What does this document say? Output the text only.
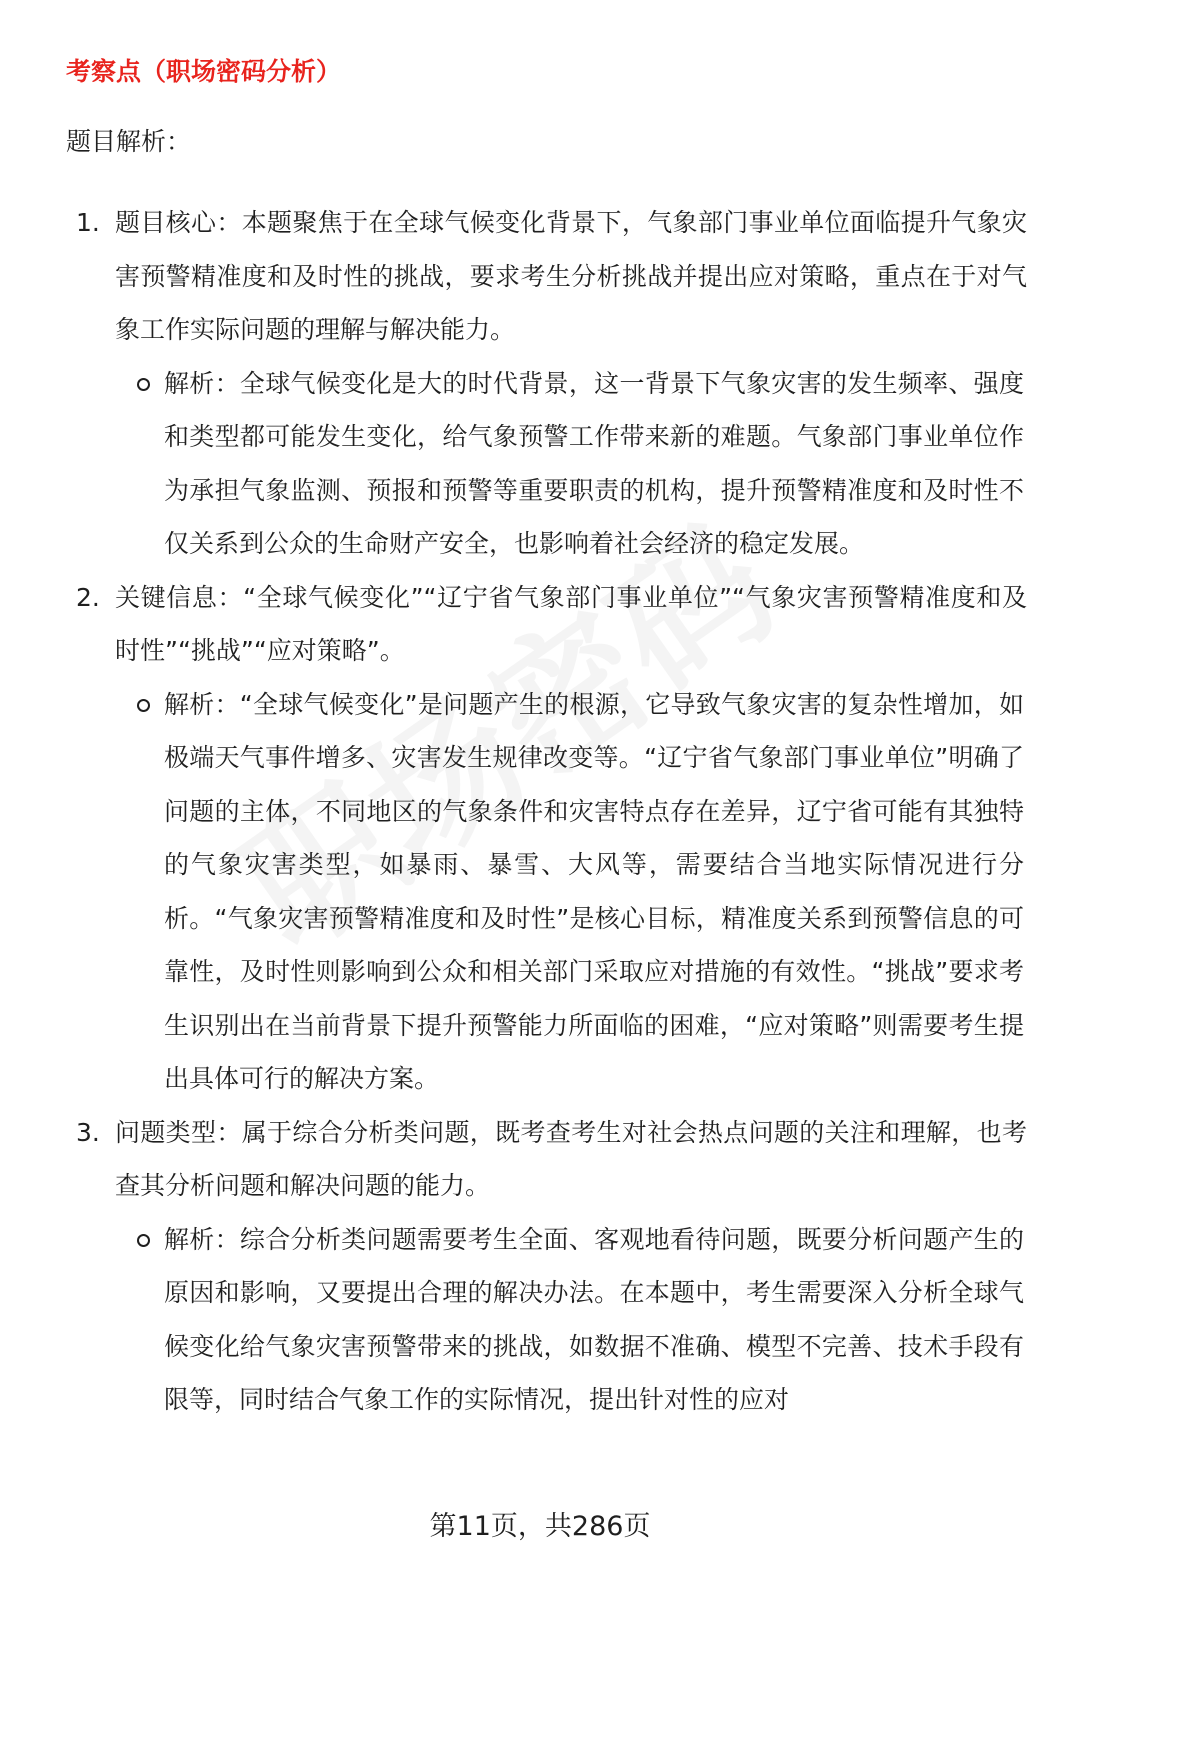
考察点（职场密码分析）
题目解析：
1. 题目核心：本题聚焦于在全球气候变化背景下，气象部门事业单位面临提升气象灾害预警精准度和及时性的挑战，要求考生分析挑战并提出应对策略，重点在于对气象工作实际问题的理解与解决能力。
解析：全球气候变化是大的时代背景，这一背景下气象灾害的发生频率、强度和类型都可能发生变化，给气象预警工作带来新的难题。气象部门事业单位作为承担气象监测、预报和预警等重要职责的机构，提升预警精准度和及时性不仅关系到公众的生命财产安全，也影响着社会经济的稳定发展。
2. 关键信息：“全球气候变化”“辽宁省气象部门事业单位”“气象灾害预警精准度和及时性”“挑战”“应对策略”。
解析：“全球气候变化”是问题产生的根源，它导致气象灾害的复杂性增加，如极端天气事件增多、灾害发生规律改变等。“辽宁省气象部门事业单位”明确了问题的主体，不同地区的气象条件和灾害特点存在差异，辽宁省可能有其独特的气象灾害类型，如暴雨、暴雪、大风等，需要结合当地实际情况进行分析。“气象灾害预警精准度和及时性”是核心目标，精准度关系到预警信息的可靠性，及时性则影响到公众和相关部门采取应对措施的有效性。“挑战”要求考生识别出在当前背景下提升预警能力所面临的困难，“应对策略”则需要考生提出具体可行的解决方案。
3. 问题类型：属于综合分析类问题，既考查考生对社会热点问题的关注和理解，也考查其分析问题和解决问题的能力。
解析：综合分析类问题需要考生全面、客观地看待问题，既要分析问题产生的原因和影响，又要提出合理的解决办法。在本题中，考生需要深入分析全球气候变化给气象灾害预警带来的挑战，如数据不准确、模型不完善、技术手段有限等，同时结合气象工作的实际情况，提出针对性的应对
第11页，共286页
